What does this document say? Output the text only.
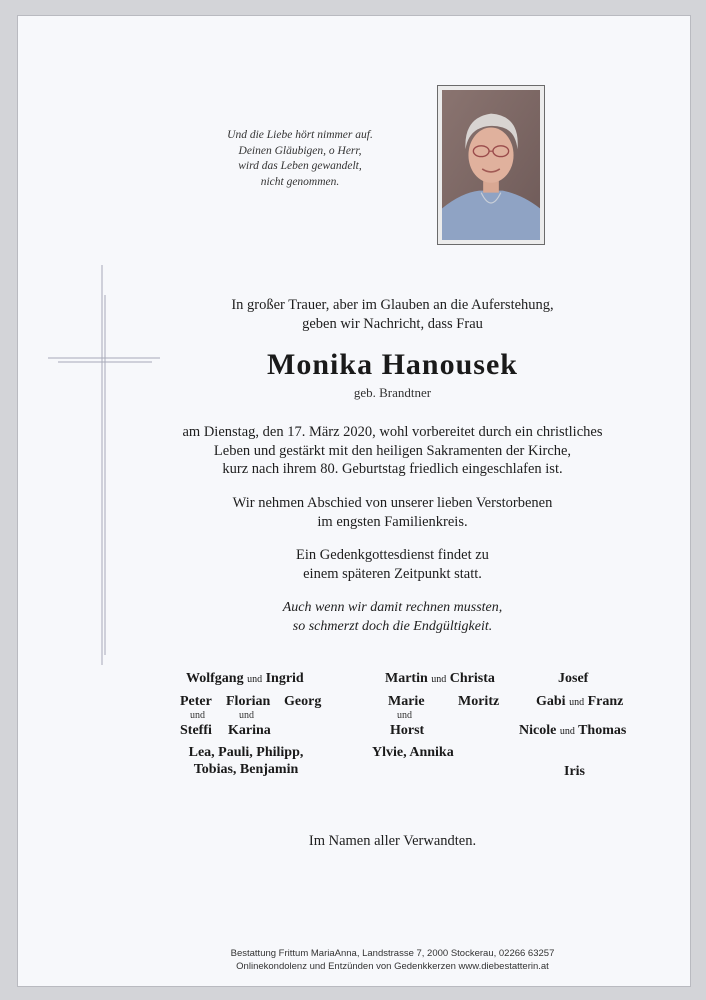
Und die Liebe hört nimmer auf.
Deinen Gläubigen, o Herr,
wird das Leben gewandelt,
nicht genommen.
In großer Trauer, aber im Glauben an die Auferstehung,
geben wir Nachricht, dass Frau
Monika Hanousek
geb. Brandtner
am Dienstag, den 17. März 2020, wohl vorbereitet durch ein christliches
Leben und gestärkt mit den heiligen Sakramenten der Kirche,
kurz nach ihrem 80. Geburtstag friedlich eingeschlafen ist.
Wir nehmen Abschied von unserer lieben Verstorbenen
im engsten Familienkreis.
Ein Gedenkgottesdienst findet zu
einem späteren Zeitpunkt statt.
Auch wenn wir damit rechnen mussten,
so schmerzt doch die Endgültigkeit.
Wolfgang und Ingrid	Martin und Christa	Josef
Peter Florian Georg	Marie Moritz	Gabi und Franz
und	und	und
Steffi Karina	Horst	Nicole und Thomas
Lea, Pauli, Philipp,
Tobias, Benjamin
Ylvie, Annika
Iris
Im Namen aller Verwandten.
Bestattung Frittum MariaAnna, Landstrasse 7, 2000 Stockerau, 02266 63257
Onlinekondolenz und Entzünden von Gedenkkerzen www.diebestatterin.at
